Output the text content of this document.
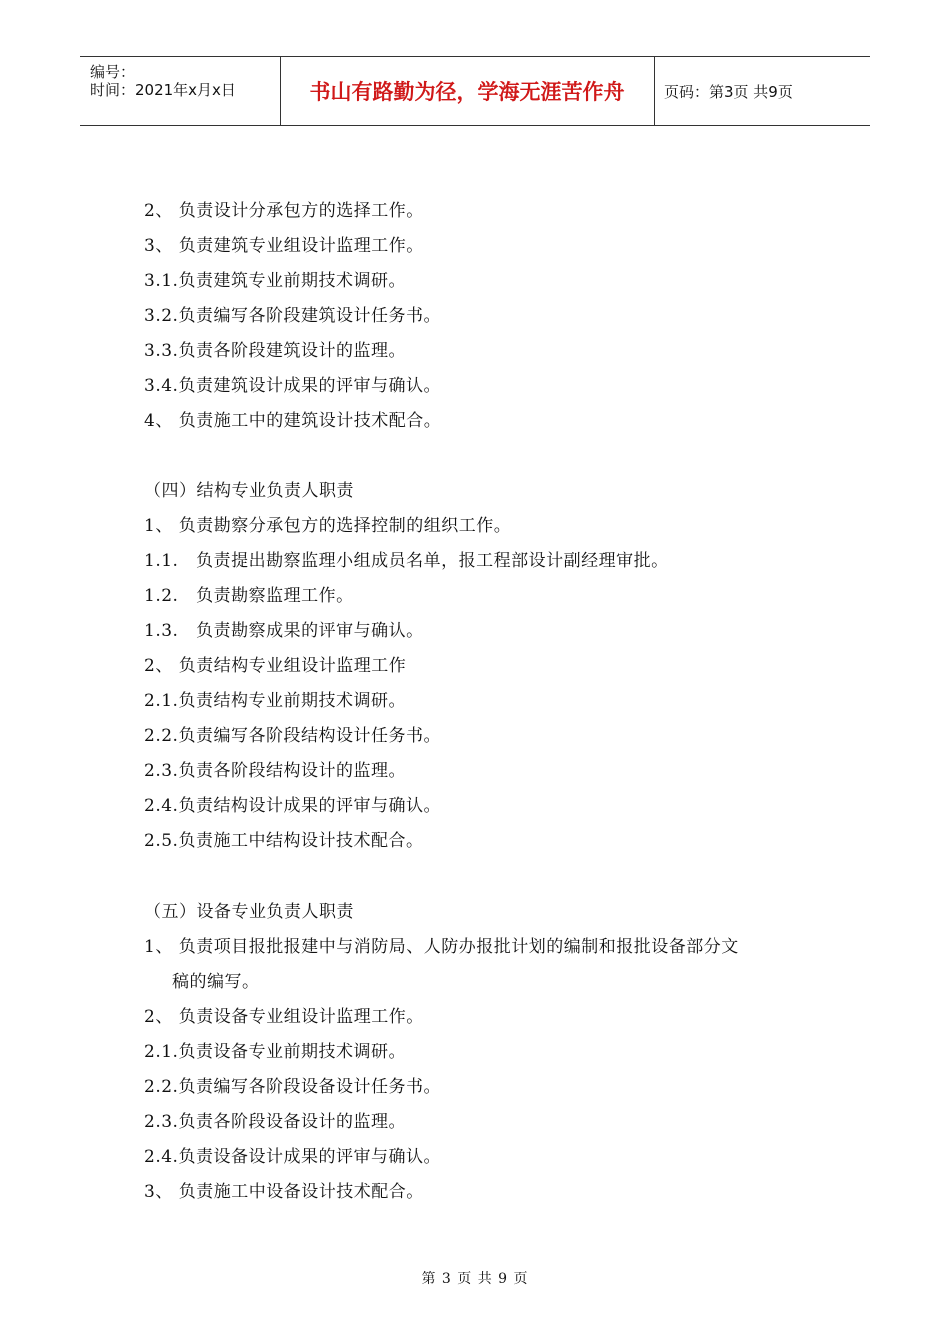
编号：
时间：2021年x月x日	书山有路勤为径，学海无涯苦作舟	页码：第3页 共9页
2、 负责设计分承包方的选择工作。
3、 负责建筑专业组设计监理工作。
3.1.负责建筑专业前期技术调研。
3.2.负责编写各阶段建筑设计任务书。
3.3.负责各阶段建筑设计的监理。
3.4.负责建筑设计成果的评审与确认。
4、 负责施工中的建筑设计技术配合。
（四）结构专业负责人职责
1、 负责勘察分承包方的选择控制的组织工作。
1.1.   负责提出勘察监理小组成员名单，报工程部设计副经理审批。
1.2.   负责勘察监理工作。
1.3.   负责勘察成果的评审与确认。
2、 负责结构专业组设计监理工作
2.1.负责结构专业前期技术调研。
2.2.负责编写各阶段结构设计任务书。
2.3.负责各阶段结构设计的监理。
2.4.负责结构设计成果的评审与确认。
2.5.负责施工中结构设计技术配合。
（五）设备专业负责人职责
1、 负责项目报批报建中与消防局、人防办报批计划的编制和报批设备部分文
稿的编写。
2、 负责设备专业组设计监理工作。
2.1.负责设备专业前期技术调研。
2.2.负责编写各阶段设备设计任务书。
2.3.负责各阶段设备设计的监理。
2.4.负责设备设计成果的评审与确认。
3、 负责施工中设备设计技术配合。
第 3 页 共 9 页
